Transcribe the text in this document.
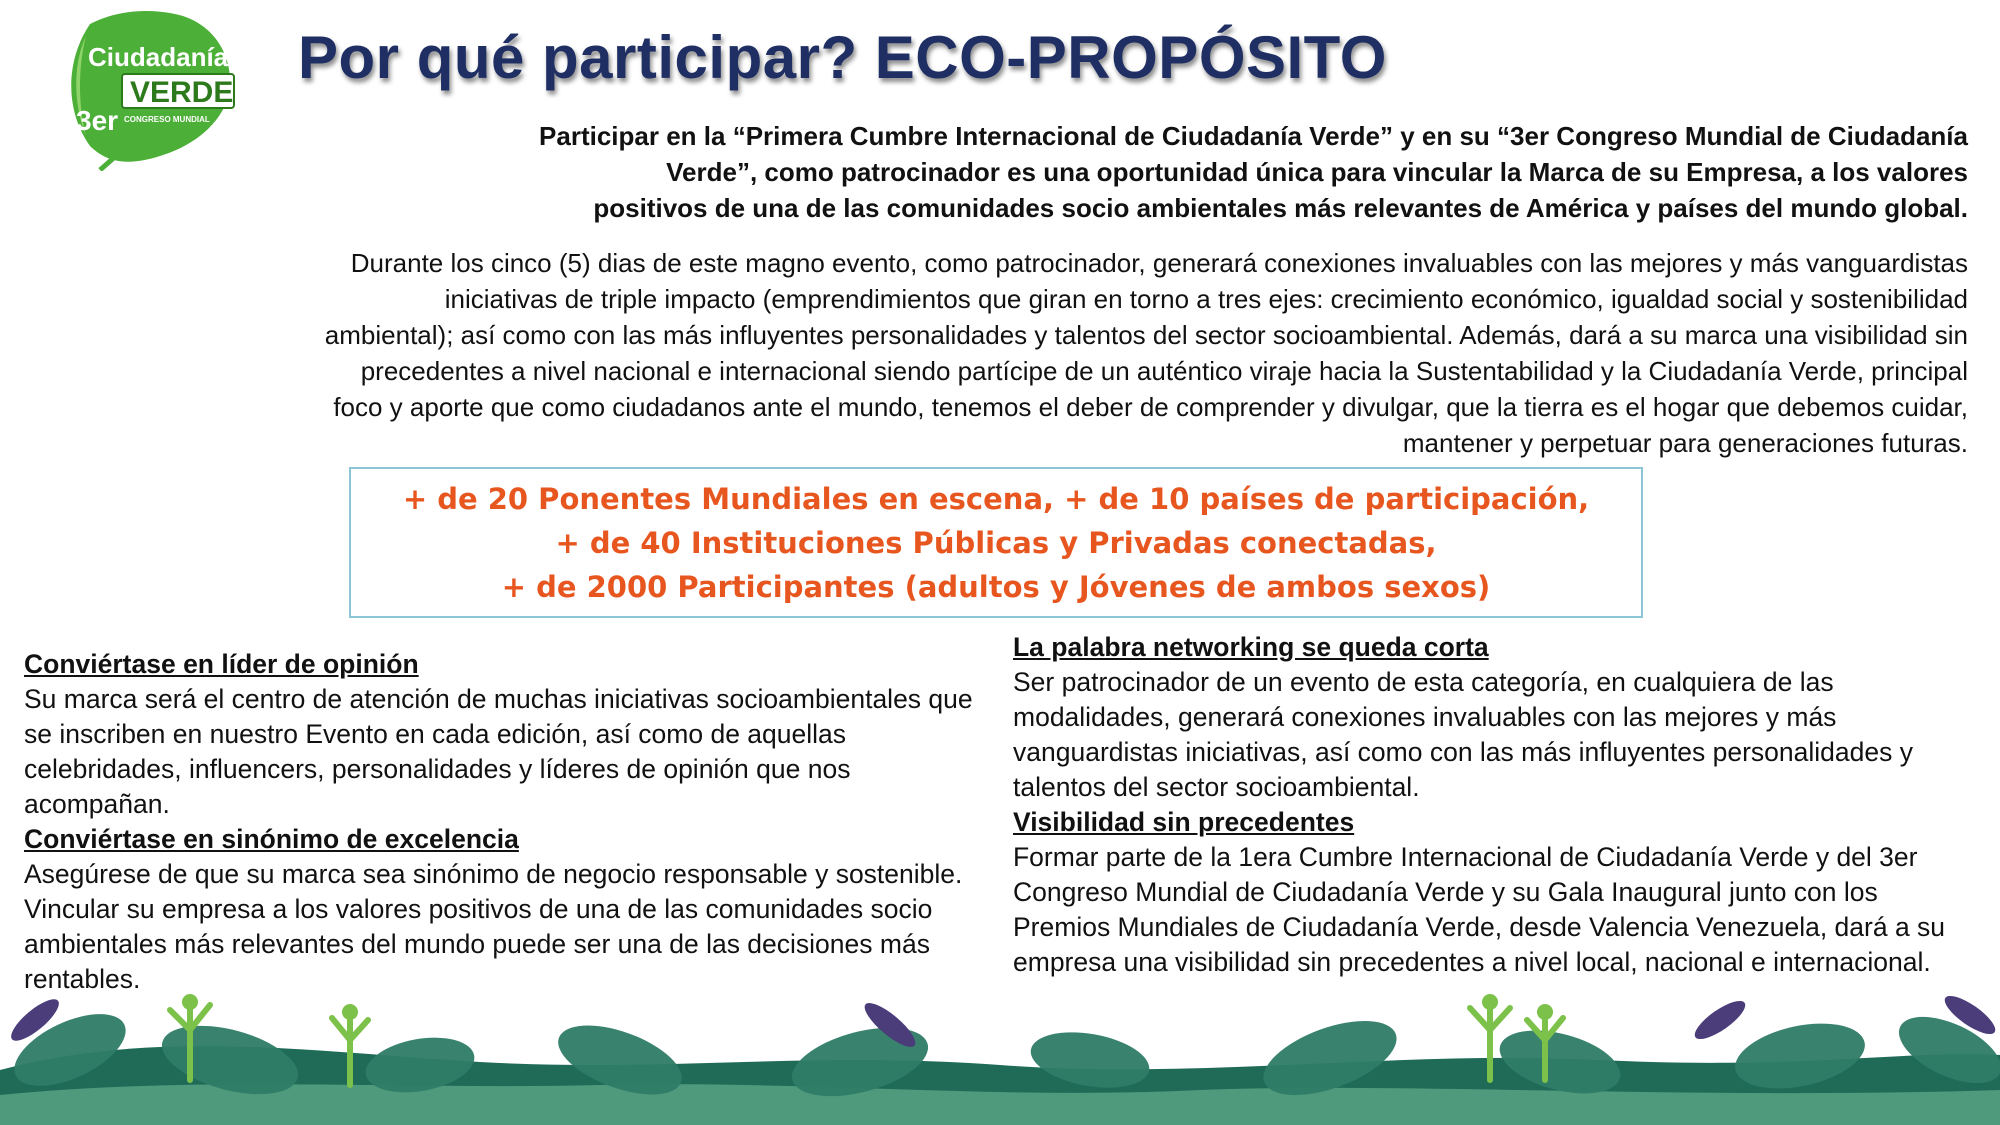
Ciudadanía
VERDE
3er CONGRESO MUNDIAL
Por qué participar? ECO-PROPÓSITO

Participar en la “Primera Cumbre Internacional de Ciudadanía Verde” y en su “3er Congreso Mundial de Ciudadanía
Verde”, como patrocinador es una oportunidad única para vincular la Marca de su Empresa, a los valores
positivos de una de las comunidades socio ambientales más relevantes de América y países del mundo global.

Durante los cinco (5) dias de este magno evento, como patrocinador, generará conexiones invaluables con las mejores y más vanguardistas
iniciativas de triple impacto (emprendimientos que giran en torno a tres ejes: crecimiento económico, igualdad social y sostenibilidad
ambiental); así como con las más influyentes personalidades y talentos del sector socioambiental. Además, dará a su marca una visibilidad sin
precedentes a nivel nacional e internacional siendo partícipe de un auténtico viraje hacia la Sustentabilidad y la Ciudadanía Verde, principal
foco y aporte que como ciudadanos ante el mundo, tenemos el deber de comprender y divulgar, que la tierra es el hogar que debemos cuidar,
mantener y perpetuar para generaciones futuras.

+ de 20 Ponentes Mundiales en escena, + de 10 países de participación,
+ de 40 Instituciones Públicas y Privadas conectadas,
+ de 2000 Participantes (adultos y Jóvenes de ambos sexos)
Conviértase en líder de opinión

Su marca será el centro de atención de muchas iniciativas socioambientales que se inscriben en nuestro Evento en cada edición, así como de aquellas celebridades, influencers, personalidades y líderes de opinión que nos acompañan.

Conviértase en sinónimo de excelencia

Asegúrese de que su marca sea sinónimo de negocio responsable y sostenible. Vincular su empresa a los valores positivos de una de las comunidades socio ambientales más relevantes del mundo puede ser una de las decisiones más rentables.

La palabra networking se queda corta

Ser patrocinador de un evento de esta categoría, en cualquiera de las modalidades, generará conexiones invaluables con las mejores y más vanguardistas iniciativas, así como con las más influyentes personalidades y talentos del sector socioambiental.

Visibilidad sin precedentes

Formar parte de la 1era Cumbre Internacional de Ciudadanía Verde y del 3er Congreso Mundial de Ciudadanía Verde y su Gala Inaugural junto con los Premios Mundiales de Ciudadanía Verde, desde Valencia Venezuela, dará a su empresa una visibilidad sin precedentes a nivel local, nacional e internacional.
